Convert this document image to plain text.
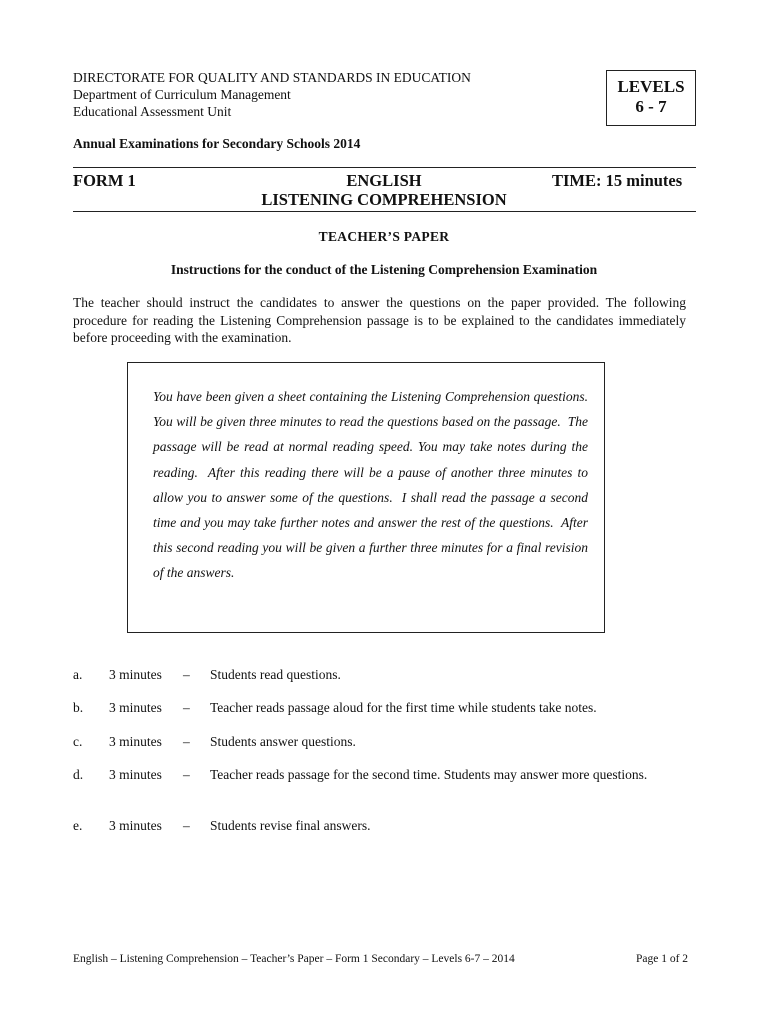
DIRECTORATE FOR QUALITY AND STANDARDS IN EDUCATION
Department of Curriculum Management
Educational Assessment Unit
LEVELS
6 - 7
Annual Examinations for Secondary Schools 2014
FORM 1	ENGLISH
LISTENING COMPREHENSION
TIME: 15 minutes
TEACHER’S PAPER
Instructions for the conduct of the Listening Comprehension Examination
The teacher should instruct the candidates to answer the questions on the paper provided. The following procedure for reading the Listening Comprehension passage is to be explained to the candidates immediately before proceeding with the examination.

You have been given a sheet containing the Listening Comprehension questions. You will be given three minutes to read the questions based on the passage.  The passage will be read at normal reading speed. You may take notes during the reading.  After this reading there will be a pause of another three minutes to allow you to answer some of the questions.  I shall read the passage a second time and you may take further notes and answer the rest of the questions.  After this second reading you will be given a further three minutes for a final revision of the answers.

a. 3 minutes – Students read questions.
b. 3 minutes – Teacher reads passage aloud for the first time while students take notes.
c. 3 minutes – Students answer questions.
d. 3 minutes – Teacher reads passage for the second time. Students may answer more questions.
e. 3 minutes – Students revise final answers.
English – Listening Comprehension – Teacher’s Paper – Form 1 Secondary – Levels 6-7 – 2014	Page 1 of 2
